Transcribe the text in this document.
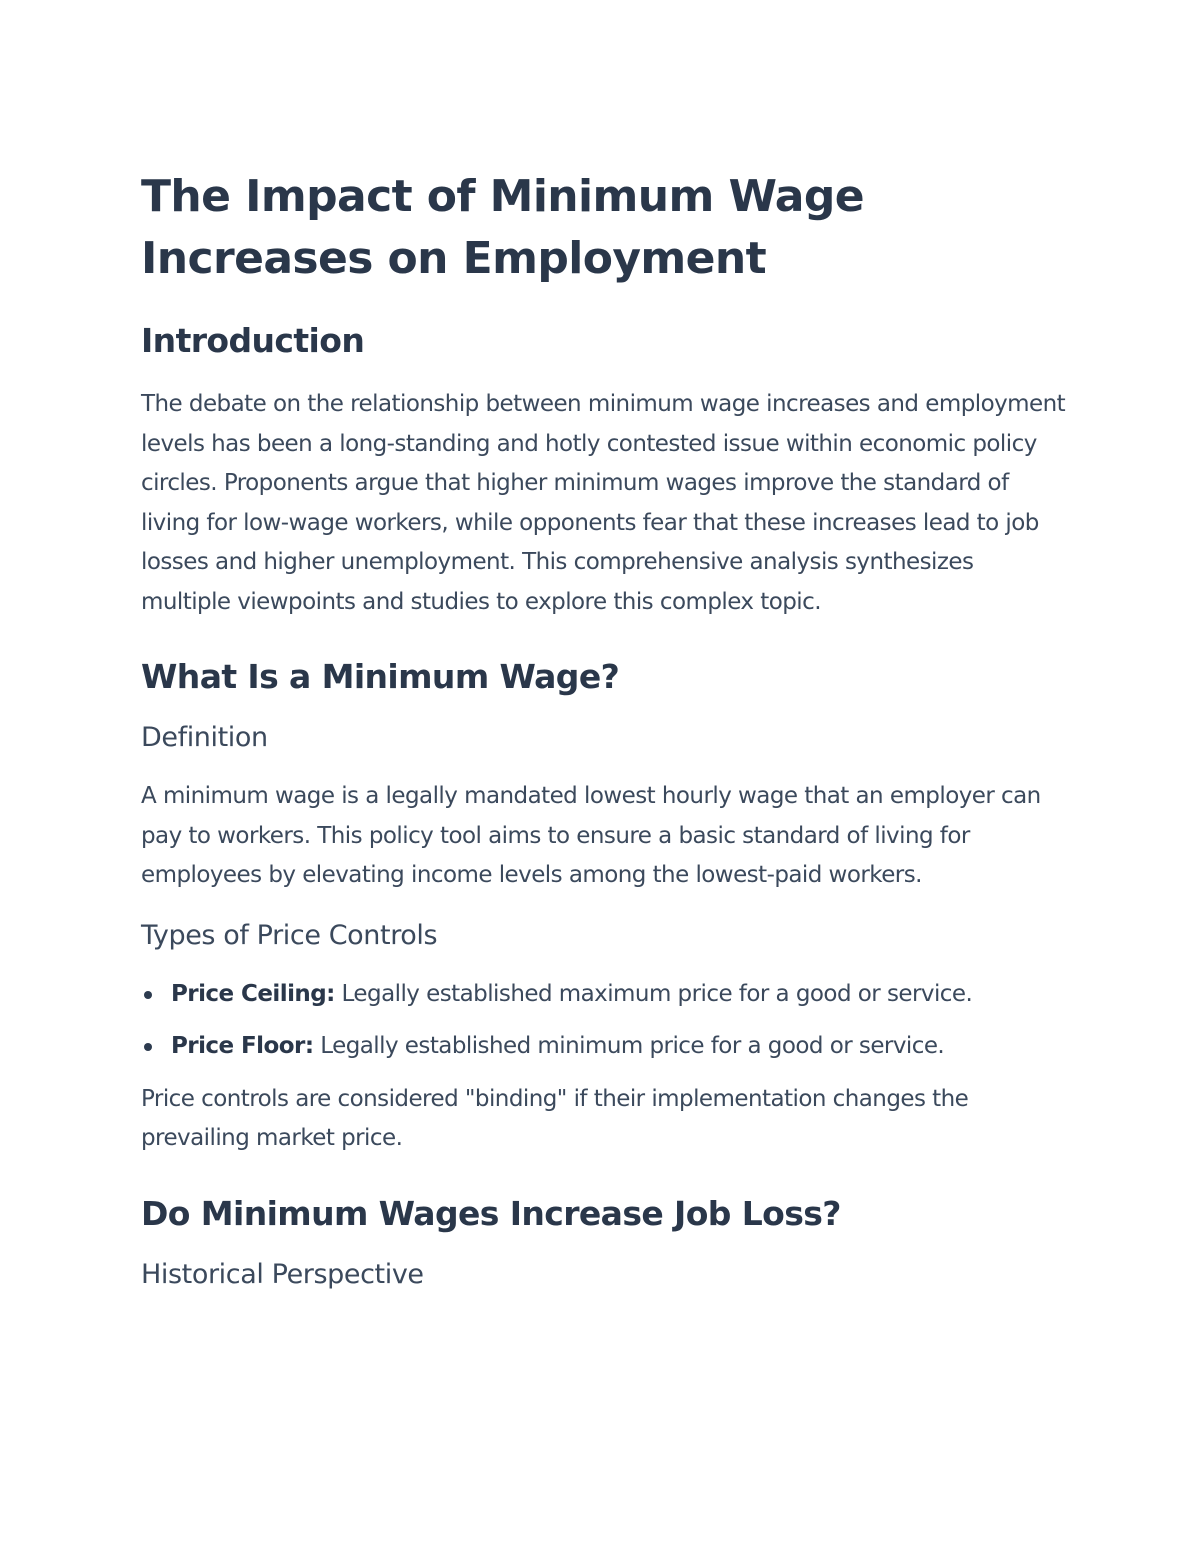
The Impact of Minimum Wage Increases on Employment
Introduction

The debate on the relationship between minimum wage increases and employment levels has been a long-standing and hotly contested issue within economic policy circles. Proponents argue that higher minimum wages improve the standard of living for low-wage workers, while opponents fear that these increases lead to job losses and higher unemployment. This comprehensive analysis synthesizes multiple viewpoints and studies to explore this complex topic.

What Is a Minimum Wage?
Definition

A minimum wage is a legally mandated lowest hourly wage that an employer can pay to workers. This policy tool aims to ensure a basic standard of living for employees by elevating income levels among the lowest-paid workers.

Types of Price Controls
Price Ceiling: Legally established maximum price for a good or service.
Price Floor: Legally established minimum price for a good or service.

Price controls are considered "binding" if their implementation changes the prevailing market price.

Do Minimum Wages Increase Job Loss?
Historical Perspective
